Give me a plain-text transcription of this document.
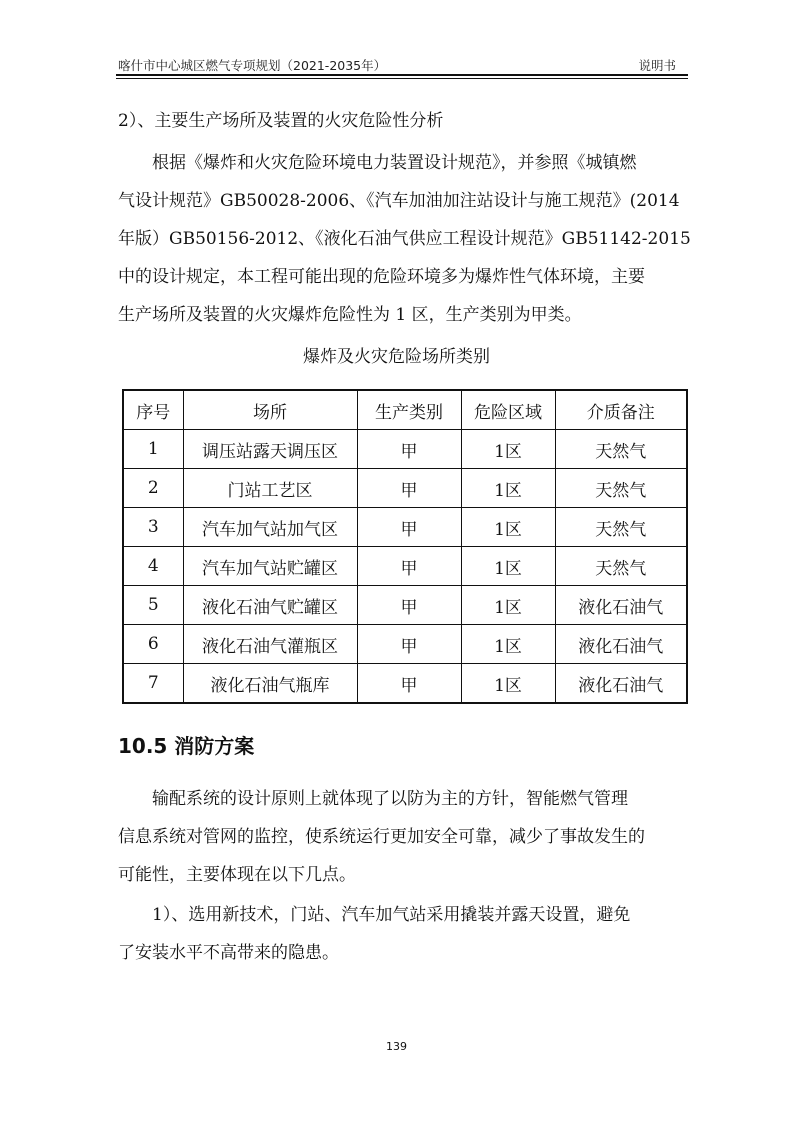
喀什市中心城区燃气专项规划（2021-2035年）	说明书
2）、主要生产场所及装置的火灾危险性分析
根据《爆炸和火灾危险环境电力装置设计规范》，并参照《城镇燃
气设计规范》GB50028-2006、《汽车加油加注站设计与施工规范》(2014
年版）GB50156-2012、《液化石油气供应工程设计规范》GB51142-2015
中的设计规定，本工程可能出现的危险环境多为爆炸性气体环境，主要
生产场所及装置的火灾爆炸危险性为 1 区，生产类别为甲类。
爆炸及火灾危险场所类别
序号	场所	生产类别	危险区域	介质备注
1	调压站露天调压区	甲	1区	天然气
2	门站工艺区	甲	1区	天然气
3	汽车加气站加气区	甲	1区	天然气
4	汽车加气站贮罐区	甲	1区	天然气
5	液化石油气贮罐区	甲	1区	液化石油气
6	液化石油气灌瓶区	甲	1区	液化石油气
7	液化石油气瓶库	甲	1区	液化石油气
10.5 消防方案
输配系统的设计原则上就体现了以防为主的方针，智能燃气管理
信息系统对管网的监控，使系统运行更加安全可靠，减少了事故发生的
可能性，主要体现在以下几点。
1）、选用新技术，门站、汽车加气站采用撬装并露天设置，避免
了安装水平不高带来的隐患。
139
